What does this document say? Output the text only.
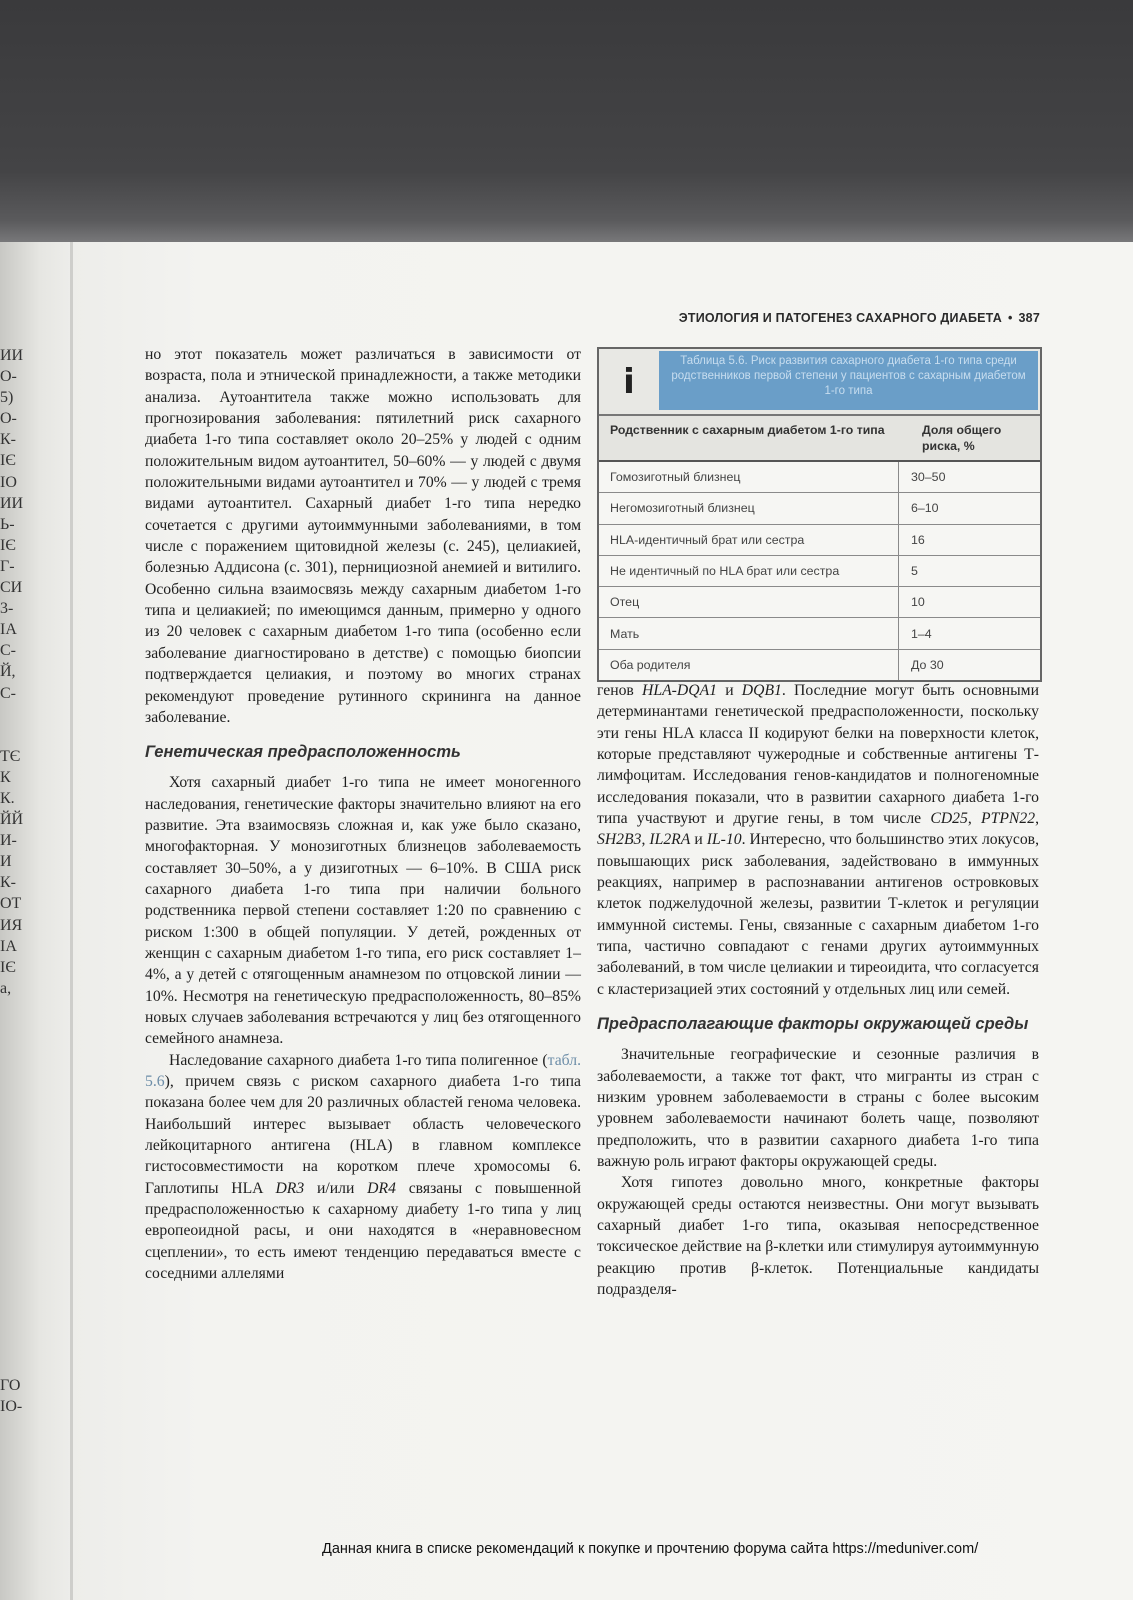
ИИ
О-
5)
О-
К-
ІЄ
ІО
ИИ
Ь-
ІЄ
Г-
СИ
3-
ІА
С-
Й,
С-
ТЄ
К
К.
ЙЙ
И-
И
К-
ОТ
ИЯ
ІА
ІЄ
а,
ГО
ІО-
ЭТИОЛОГИЯ И ПАТОГЕНЕЗ САХАРНОГО ДИАБЕТА • 387

но этот показатель может различаться в зависимости от возраста, пола и этнической принадлежности, а также методики анализа. Аутоантитела также можно использовать для прогнозирования заболевания: пятилетний риск сахарного диабета 1-го типа составляет около 20–25% у людей с одним положительным видом аутоантител, 50–60% — у людей с двумя положительными видами аутоантител и 70% — у людей с тремя видами аутоантител. Сахарный диабет 1-го типа нередко сочетается с другими аутоиммунными заболеваниями, в том числе с поражением щитовидной железы (с. 245), целиакией, болезнью Аддисона (с. 301), пернициозной анемией и витилиго. Особенно сильна взаимосвязь между сахарным диабетом 1-го типа и целиакией; по имеющимся данным, примерно у одного из 20 человек с сахарным диабетом 1-го типа (особенно если заболевание диагностировано в детстве) с помощью биопсии подтверждается целиакия, и поэтому во многих странах рекомендуют проведение рутинного скрининга на данное заболевание.

Генетическая предрасположенность

Хотя сахарный диабет 1-го типа не имеет моногенного наследования, генетические факторы значительно влияют на его развитие. Эта взаимосвязь сложная и, как уже было сказано, многофакторная. У монозиготных близнецов заболеваемость составляет 30–50%, а у дизиготных — 6–10%. В США риск сахарного диабета 1-го типа при наличии больного родственника первой степени составляет 1:20 по сравнению с риском 1:300 в общей популяции. У детей, рожденных от женщин с сахарным диабетом 1-го типа, его риск составляет 1–4%, а у детей с отягощенным анамнезом по отцовской линии — 10%. Несмотря на генетическую предрасположенность, 80–85% новых случаев заболевания встречаются у лиц без отягощенного семейного анамнеза.

Наследование сахарного диабета 1-го типа полигенное (табл. 5.6), причем связь с риском сахарного диабета 1-го типа показана более чем для 20 различных областей генома человека. Наибольший интерес вызывает область человеческого лейкоцитарного антигена (HLA) в главном комплексе гистосовместимости на коротком плече хромосомы 6. Гаплотипы HLA DR3 и/или DR4 связаны с повышенной предрасположенностью к сахарному диабету 1-го типа у лиц европеоидной расы, и они находятся в «неравновесном сцеплении», то есть имеют тенденцию передаваться вместе с соседними аллелями

i
Таблица 5.6. Риск развития сахарного диабета 1-го типа среди родственников первой степени у пациентов с сахарным диабетом 1-го типа
Родственник с сахарным диабетом 1-го типа	Доля общего риска, %
Гомозиготный близнец	30–50
Негомозиготный близнец	6–10
HLA-идентичный брат или сестра	16
Не идентичный по HLA брат или сестра	5
Отец	10
Мать	1–4
Оба родителя	До 30

генов HLA-DQA1 и DQB1. Последние могут быть основными детерминантами генетической предрасположенности, поскольку эти гены HLA класса II кодируют белки на поверхности клеток, которые представляют чужеродные и собственные антигены Т-лимфоцитам. Исследования генов-кандидатов и полногеномные исследования показали, что в развитии сахарного диабета 1-го типа участвуют и другие гены, в том числе CD25, PTPN22, SH2B3, IL2RA и IL-10. Интересно, что большинство этих локусов, повышающих риск заболевания, задействовано в иммунных реакциях, например в распознавании антигенов островковых клеток поджелудочной железы, развитии Т-клеток и регуляции иммунной системы. Гены, связанные с сахарным диабетом 1-го типа, частично совпадают с генами других аутоиммунных заболеваний, в том числе целиакии и тиреоидита, что согласуется с кластеризацией этих состояний у отдельных лиц или семей.

Предрасполагающие факторы окружающей среды

Значительные географические и сезонные различия в заболеваемости, а также тот факт, что мигранты из стран с низким уровнем заболеваемости в страны с более высоким уровнем заболеваемости начинают болеть чаще, позволяют предположить, что в развитии сахарного диабета 1-го типа важную роль играют факторы окружающей среды.

Хотя гипотез довольно много, конкретные факторы окружающей среды остаются неизвестны. Они могут вызывать сахарный диабет 1-го типа, оказывая непосредственное токсическое действие на β-клетки или стимулируя аутоиммунную реакцию против β-клеток. Потенциальные кандидаты подразделя-

Данная книга в списке рекомендаций к покупке и прочтению форума сайта https://meduniver.com/
